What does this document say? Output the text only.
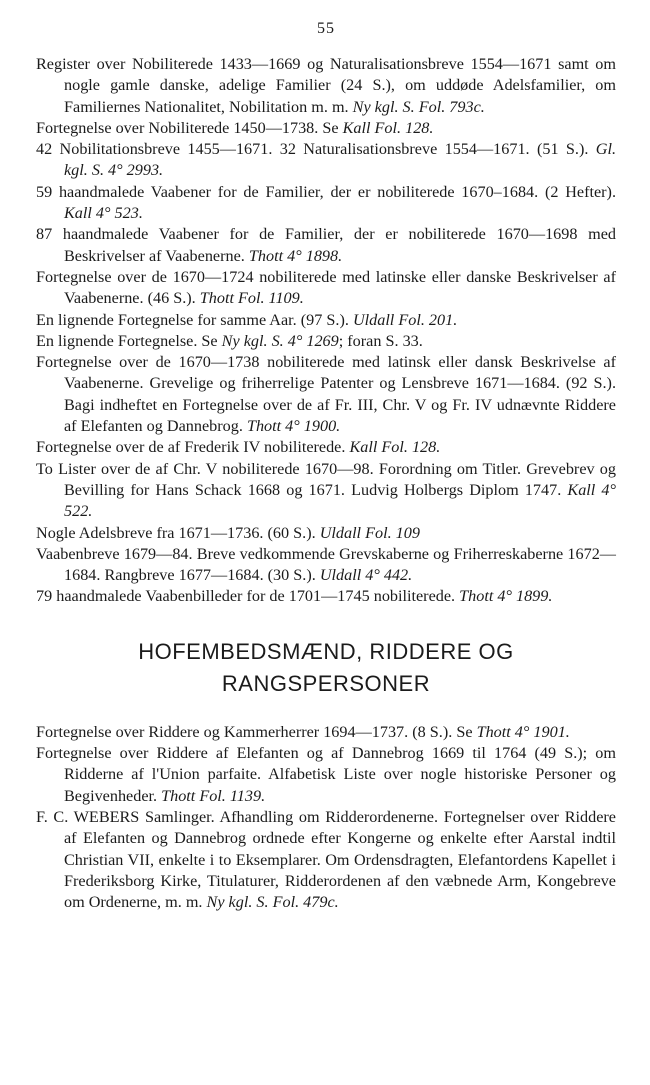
55

Register over Nobiliterede 1433—1669 og Naturalisationsbreve 1554—1671 samt om nogle gamle danske, adelige Familier (24 S.), om uddøde Adelsfamilier, om Familiernes Nationalitet, Nobilitation m. m. Ny kgl. S. Fol. 793c.

Fortegnelse over Nobiliterede 1450—1738. Se Kall Fol. 128.

42 Nobilitationsbreve 1455—1671. 32 Naturalisationsbreve 1554—1671. (51 S.). Gl. kgl. S. 4° 2993.

59 haandmalede Vaabener for de Familier, der er nobiliterede 1670–1684. (2 Hefter). Kall 4° 523.

87 haandmalede Vaabener for de Familier, der er nobiliterede 1670—1698 med Beskrivelser af Vaabenerne. Thott 4° 1898.

Fortegnelse over de 1670—1724 nobiliterede med latinske eller danske Beskrivelser af Vaabenerne. (46 S.). Thott Fol. 1109.

En lignende Fortegnelse for samme Aar. (97 S.). Uldall Fol. 201.

En lignende Fortegnelse. Se Ny kgl. S. 4° 1269; foran S. 33.

Fortegnelse over de 1670—1738 nobiliterede med latinsk eller dansk Beskrivelse af Vaabenerne. Grevelige og friherrelige Patenter og Lensbreve 1671—1684. (92 S.). Bagi indheftet en Fortegnelse over de af Fr. III, Chr. V og Fr. IV udnævnte Riddere af Elefanten og Dannebrog. Thott 4° 1900.

Fortegnelse over de af Frederik IV nobiliterede. Kall Fol. 128.

To Lister over de af Chr. V nobiliterede 1670—98. Forordning om Titler. Grevebrev og Bevilling for Hans Schack 1668 og 1671. Ludvig Holbergs Diplom 1747. Kall 4° 522.

Nogle Adelsbreve fra 1671—1736. (60 S.). Uldall Fol. 109

Vaabenbreve 1679—84. Breve vedkommende Grevskaberne og Friherreskaberne 1672—1684. Rangbreve 1677—1684. (30 S.). Uldall 4° 442.

79 haandmalede Vaabenbilleder for de 1701—1745 nobiliterede. Thott 4° 1899.

HOFEMBEDSMÆND, RIDDERE OG
RANGSPERSONER

Fortegnelse over Riddere og Kammerherrer 1694—1737. (8 S.). Se Thott 4° 1901.

Fortegnelse over Riddere af Elefanten og af Dannebrog 1669 til 1764 (49 S.); om Ridderne af l'Union parfaite. Alfabetisk Liste over nogle historiske Personer og Begivenheder. Thott Fol. 1139.

F. C. WEBERS Samlinger. Afhandling om Ridderordenerne. Fortegnelser over Riddere af Elefanten og Dannebrog ordnede efter Kongerne og enkelte efter Aarstal indtil Christian VII, enkelte i to Eksemplarer. Om Ordensdragten, Elefantordens Kapellet i Frederiksborg Kirke, Titulaturer, Ridderordenen af den væbnede Arm, Kongebreve om Ordenerne, m. m. Ny kgl. S. Fol. 479c.
